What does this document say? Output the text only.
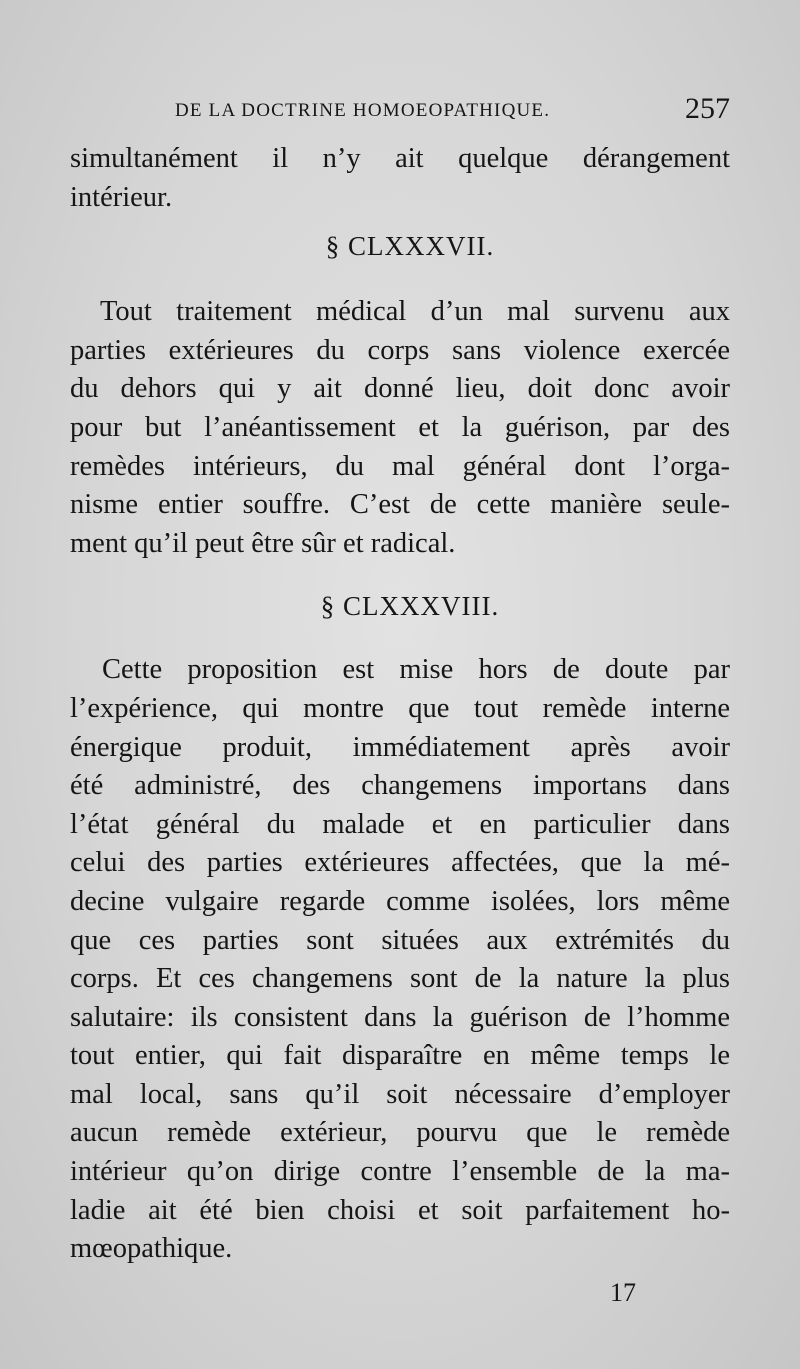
DE LA DOCTRINE HOMOEOPATHIQUE.	257
simultanément il n’y ait quelque dérangement
intérieur.
§ CLXXXVII.
Tout traitement médical d’un mal survenu aux
parties extérieures du corps sans violence exercée
du dehors qui y ait donné lieu, doit donc avoir
pour but l’anéantissement et la guérison, par des
remèdes intérieurs, du mal général dont l’orga-
nisme entier souffre. C’est de cette manière seule-
ment qu’il peut être sûr et radical.
§ CLXXXVIII.
Cette proposition est mise hors de doute par
l’expérience, qui montre que tout remède interne
énergique produit, immédiatement après avoir
été administré, des changemens importans dans
l’état général du malade et en particulier dans
celui des parties extérieures affectées, que la mé-
decine vulgaire regarde comme isolées, lors même
que ces parties sont situées aux extrémités du
corps. Et ces changemens sont de la nature la plus
salutaire: ils consistent dans la guérison de l’homme
tout entier, qui fait disparaître en même temps le
mal local, sans qu’il soit nécessaire d’employer
aucun remède extérieur, pourvu que le remède
intérieur qu’on dirige contre l’ensemble de la ma-
ladie ait été bien choisi et soit parfaitement ho-
mœopathique.
17
